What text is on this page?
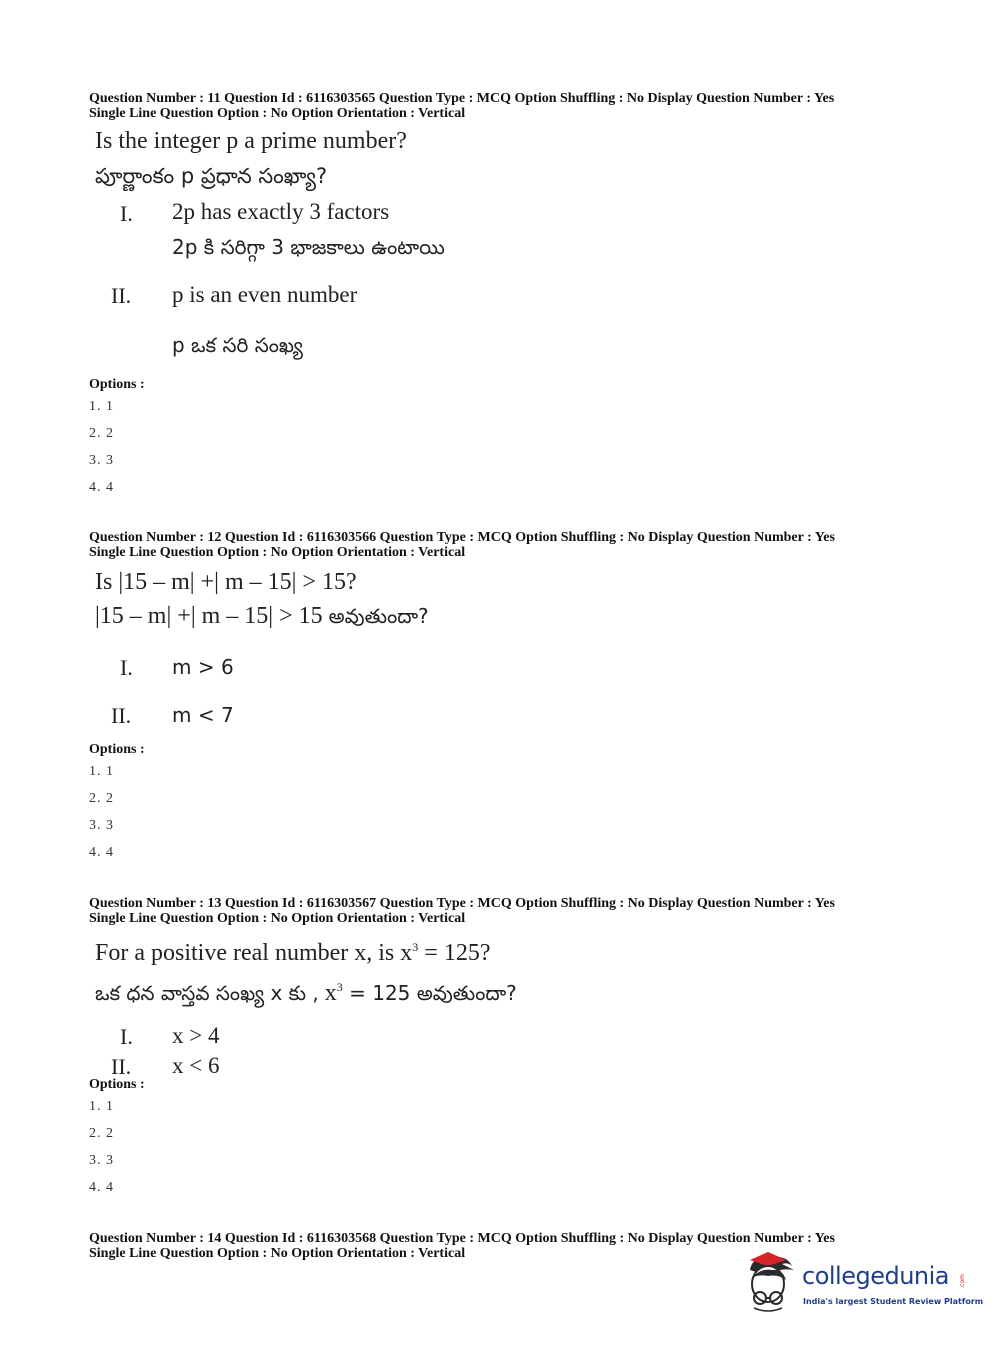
Question Number : 11 Question Id : 6116303565 Question Type : MCQ Option Shuffling : No Display Question Number : Yes
Single Line Question Option : No Option Orientation : Vertical
Is the integer p a prime number?
పూర్ణాంకం p ప్రధాన సంఖ్యా?
I. 2p has exactly 3 factors
2p కి సరిగ్గా 3 భాజకాలు ఉంటాయి
II. p is an even number
p ఒక సరి సంఖ్య
Options :
1. 1
2. 2
3. 3
4. 4
Question Number : 12 Question Id : 6116303566 Question Type : MCQ Option Shuffling : No Display Question Number : Yes
Single Line Question Option : No Option Orientation : Vertical
Is |15 – m| +| m – 15| > 15?
|15 – m| +| m – 15| > 15 అవుతుందా?
I. m > 6
II. m < 7
Options :
1. 1
2. 2
3. 3
4. 4
Question Number : 13 Question Id : 6116303567 Question Type : MCQ Option Shuffling : No Display Question Number : Yes
Single Line Question Option : No Option Orientation : Vertical
For a positive real number x, is $x^3 = 125$?
ఒక ధన వాస్తవ సంఖ్య x కు , $x^3 = 125$ అవుతుందా?
I. x > 4
II. x < 6
Options :
1. 1
2. 2
3. 3
4. 4
Question Number : 14 Question Id : 6116303568 Question Type : MCQ Option Shuffling : No Display Question Number : Yes
Single Line Question Option : No Option Orientation : Vertical
collegedunia .com
India's largest Student Review Platform
